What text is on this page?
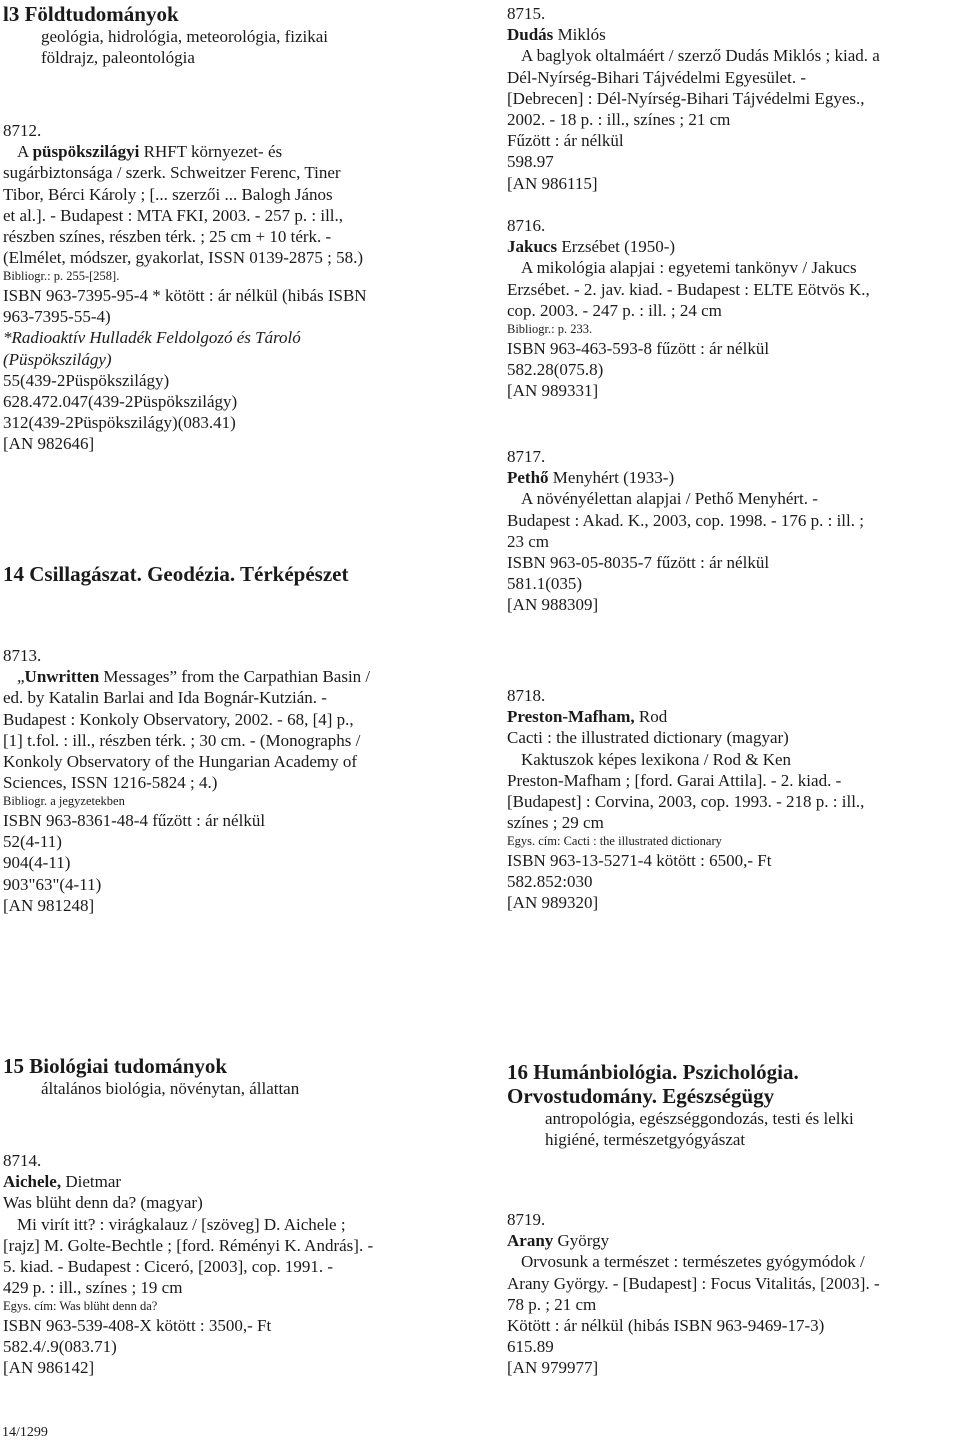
l3 Földtudományok
geológia, hidrológia, meteorológia, fizikai
földrajz, paleontológia
8712.
A püspökszilágyi RHFT környezet- és
sugárbiztonsága / szerk. Schweitzer Ferenc, Tiner
Tibor, Bérci Károly ; [... szerzői ... Balogh János
et al.]. - Budapest : MTA FKI, 2003. - 257 p. : ill.,
részben színes, részben térk. ; 25 cm + 10 térk. -
(Elmélet, módszer, gyakorlat, ISSN 0139-2875 ; 58.)
Bibliogr.: p. 255-[258].
ISBN 963-7395-95-4 * kötött : ár nélkül (hibás ISBN
963-7395-55-4)
*Radioaktív Hulladék Feldolgozó és Tároló
(Püspökszilágy)
55(439-2Püspökszilágy)
628.472.047(439-2Püspökszilágy)
312(439-2Püspökszilágy)(083.41)
[AN 982646]
14 Csillagászat. Geodézia. Térképészet
8715.
Dudás Miklós
A baglyok oltalmáért / szerző Dudás Miklós ; kiad. a
Dél-Nyírség-Bihari Tájvédelmi Egyesület. -
[Debrecen] : Dél-Nyírség-Bihari Tájvédelmi Egyes.,
2002. - 18 p. : ill., színes ; 21 cm
Fűzött : ár nélkül
598.97
[AN 986115]
8716.
Jakucs Erzsébet (1950-)
A mikológia alapjai : egyetemi tankönyv / Jakucs
Erzsébet. - 2. jav. kiad. - Budapest : ELTE Eötvös K.,
cop. 2003. - 247 p. : ill. ; 24 cm
Bibliogr.: p. 233.
ISBN 963-463-593-8 fűzött : ár nélkül
582.28(075.8)
[AN 989331]
8717.
Pethő Menyhért (1933-)
A növényélettan alapjai / Pethő Menyhért. -
Budapest : Akad. K., 2003, cop. 1998. - 176 p. : ill. ;
23 cm
ISBN 963-05-8035-7 fűzött : ár nélkül
581.1(035)
[AN 988309]
8713.
„Unwritten Messages” from the Carpathian Basin /
ed. by Katalin Barlai and Ida Bognár-Kutzián. -
Budapest : Konkoly Observatory, 2002. - 68, [4] p.,
[1] t.fol. : ill., részben térk. ; 30 cm. - (Monographs /
Konkoly Observatory of the Hungarian Academy of
Sciences, ISSN 1216-5824 ; 4.)
Bibliogr. a jegyzetekben
ISBN 963-8361-48-4 fűzött : ár nélkül
52(4-11)
904(4-11)
903"63"(4-11)
[AN 981248]
8718.
Preston-Mafham, Rod
Cacti : the illustrated dictionary (magyar)
Kaktuszok képes lexikona / Rod & Ken
Preston-Mafham ; [ford. Garai Attila]. - 2. kiad. -
[Budapest] : Corvina, 2003, cop. 1993. - 218 p. : ill.,
színes ; 29 cm
Egys. cím: Cacti : the illustrated dictionary
ISBN 963-13-5271-4 kötött : 6500,- Ft
582.852:030
[AN 989320]
15 Biológiai tudományok
általános biológia, növénytan, állattan
8714.
Aichele, Dietmar
Was blüht denn da? (magyar)
Mi virít itt? : virágkalauz / [szöveg] D. Aichele ;
[rajz] M. Golte-Bechtle ; [ford. Réményi K. András]. -
5. kiad. - Budapest : Ciceró, [2003], cop. 1991. -
429 p. : ill., színes ; 19 cm
Egys. cím: Was blüht denn da?
ISBN 963-539-408-X kötött : 3500,- Ft
582.4/.9(083.71)
[AN 986142]
16 Humánbiológia. Pszichológia.
Orvostudomány. Egészségügy
antropológia, egészséggondozás, testi és lelki
higiéné, természetgyógyászat
8719.
Arany György
Orvosunk a természet : természetes gyógymódok /
Arany György. - [Budapest] : Focus Vitalitás, [2003]. -
78 p. ; 21 cm
Kötött : ár nélkül (hibás ISBN 963-9469-17-3)
615.89
[AN 979977]
14/1299
